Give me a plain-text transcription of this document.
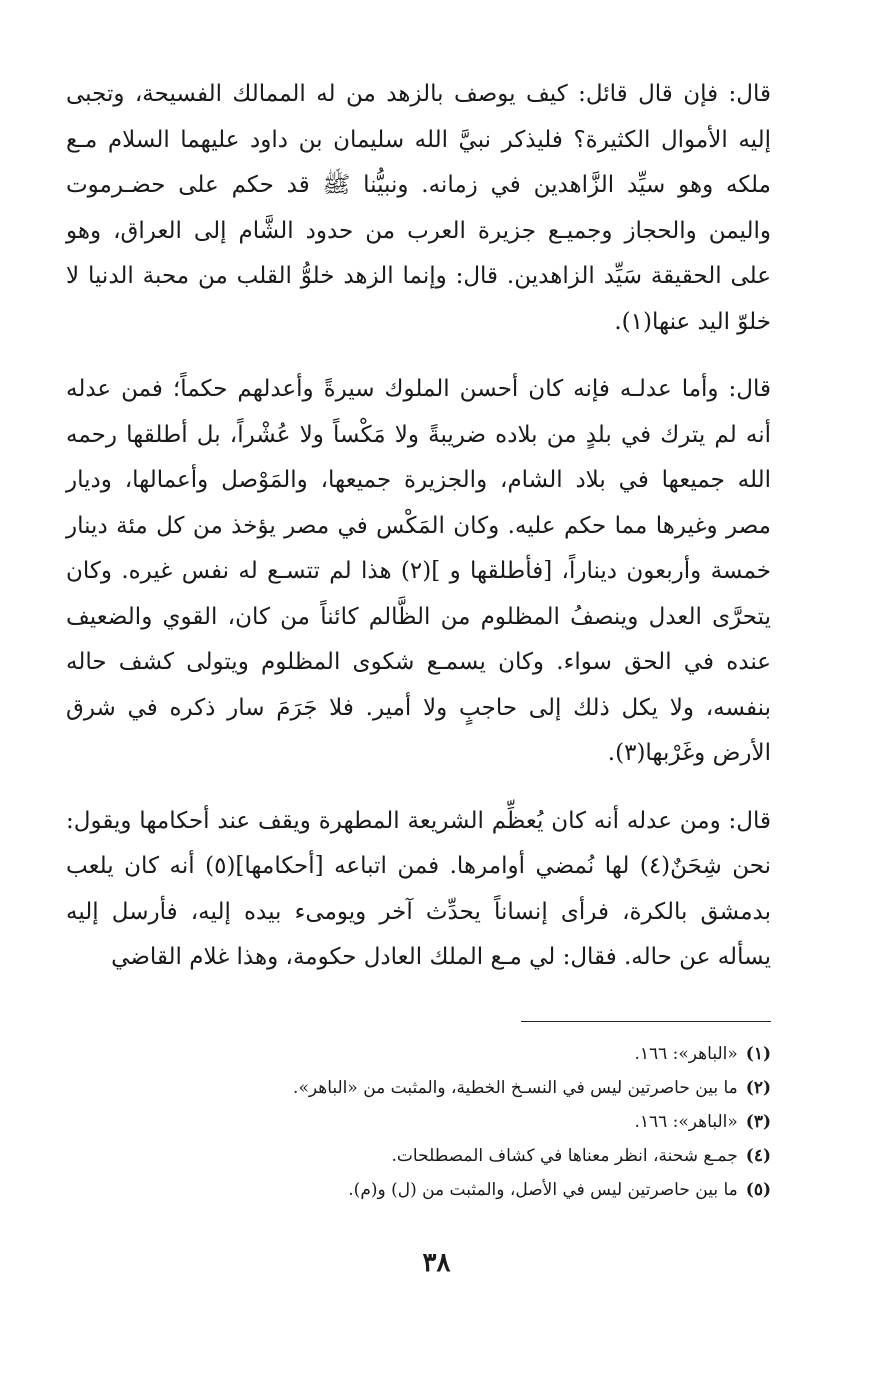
قال: فإن قال قائل: كيف يوصف بالزهد من له الممالك الفسيحة، وتجبى إليه الأموال الكثيرة؟ فليذكر نبيَّ الله سليمان بن داود عليهما السلام مـع ملكه وهو سيِّد الزَّاهدين في زمانه. ونبيُّنا ﷺ قد حكم على حضـرموت واليمن والحجاز وجميـع جزيرة العرب من حدود الشَّام إلى العراق، وهو على الحقيقة سَيِّد الزاهدين. قال: وإنما الزهد خلوُّ القلب من محبة الدنيا لا خلوّ اليد عنها(١).

قال: وأما عدلـه فإنه كان أحسن الملوك سيرةً وأعدلهم حكماً؛ فمن عدله أنه لم يترك في بلدٍ من بلاده ضريبةً ولا مَكْساً ولا عُشْراً، بل أطلقها رحمه الله جميعها في بلاد الشام، والجزيرة جميعها، والمَوْصل وأعمالها، وديار مصر وغيرها مما حكم عليه. وكان المَكْس في مصر يؤخذ من كل مئة دينار خمسة وأربعون ديناراً، [فأطلقها و ](٢) هذا لم تتسـع له نفس غيره. وكان يتحرَّى العدل وينصفُ المظلوم من الظَّالم كائناً من كان، القوي والضعيف عنده في الحق سواء. وكان يسمـع شكوى المظلوم ويتولى كشف حاله بنفسه، ولا يكل ذلك إلى حاجبٍ ولا أمير. فلا جَرَمَ سار ذكره في شرق الأرض وغَرْبها(٣).

قال: ومن عدله أنه كان يُعظِّم الشريعة المطهرة ويقف عند أحكامها ويقول: نحن شِحَنٌ(٤) لها نُمضي أوامرها. فمن اتباعه [أحكامها](٥) أنه كان يلعب بدمشق بالكرة، فرأى إنساناً يحدِّث آخر ويومىء بيده إليه، فأرسل إليه يسأله عن حاله. فقال: لي مـع الملك العادل حكومة، وهذا غلام القاضي

(١)«الباهر»: ١٦٦.
(٢)ما بين حاصرتين ليس في النسـخ الخطية، والمثبت من «الباهر».
(٣)«الباهر»: ١٦٦.
(٤)جمـع شحنة، انظر معناها في كشاف المصطلحات.
(٥)ما بين حاصرتين ليس في الأصل، والمثبت من (ل) و(م).
٣٨
